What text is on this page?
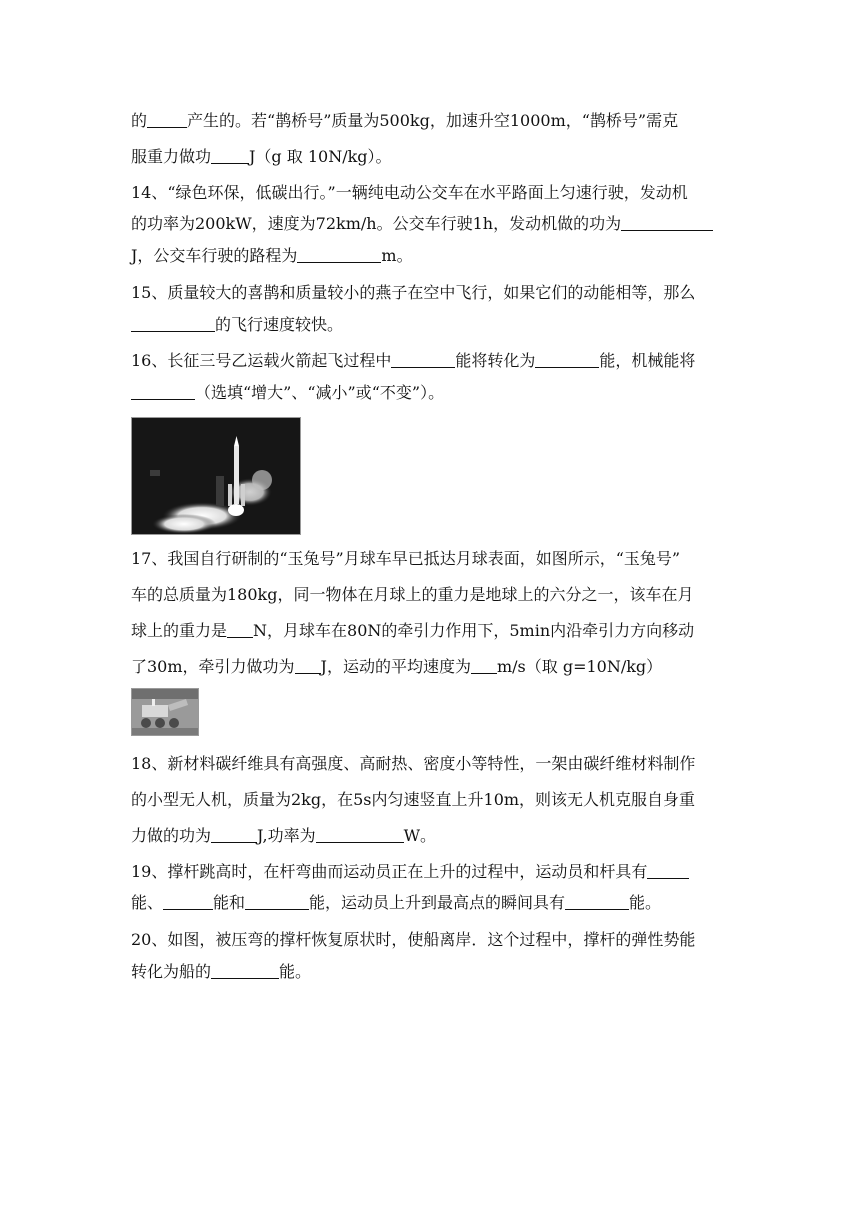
的	产生的。若“鹊桥号”质量为500kg，加速升空1000m，“鹊桥号”需克
服重力做功 J（g 取 10N/kg）。
14、“绿色环保，低碳出行。”一辆纯电动公交车在水平路面上匀速行驶，发动机
的功率为200kW，速度为72km/h。公交车行驶1h，发动机做的功为
J，公交车行驶的路程为	m。
15、质量较大的喜鹊和质量较小的燕子在空中飞行，如果它们的动能相等，那么
的飞行速度较快。
16、长征三号乙运载火箭起飞过程中	能将转化为	能，机械能将
（选填“增大”、“减小”或“不变”）。
17、我国自行研制的“玉兔号”月球车早已抵达月球表面，如图所示，“玉兔号”
车的总质量为180kg，同一物体在月球上的重力是地球上的六分之一，该车在月
球上的重力是 N，月球车在80N的牵引力作用下，5min内沿牵引力方向移动
了30m，牵引力做功为 J，运动的平均速度为 m/s（取 g=10N/kg）
18、新材料碳纤维具有高强度、高耐热、密度小等特性，一架由碳纤维材料制作
的小型无人机，质量为2kg，在5s内匀速竖直上升10m，则该无人机克服自身重
力做的功为	J,功率为	W。
19、撑杆跳高时，在杆弯曲而运动员正在上升的过程中，运动员和杆具有
能、	能和	能，运动员上升到最高点的瞬间具有	能。
20、如图，被压弯的撑杆恢复原状时，使船离岸．这个过程中，撑杆的弹性势能
转化为船的	能。
